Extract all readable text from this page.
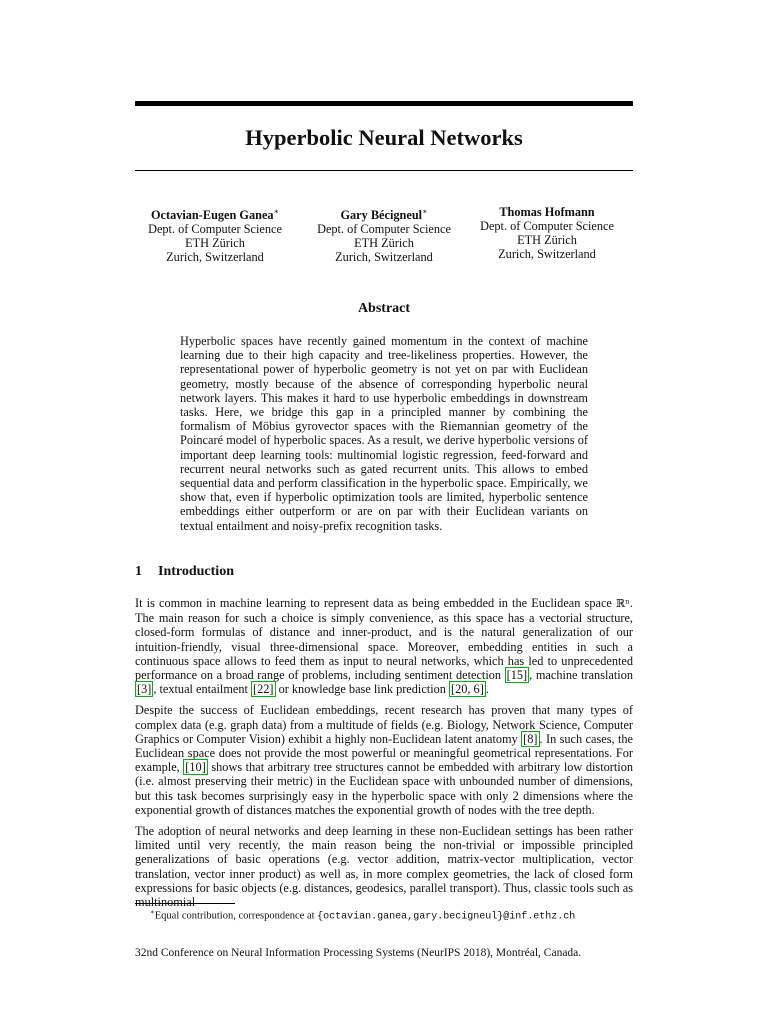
Hyperbolic Neural Networks
Octavian-Eugen Ganea∗
Dept. of Computer Science
ETH Zürich
Zurich, Switzerland
Gary Bécigneul∗
Dept. of Computer Science
ETH Zürich
Zurich, Switzerland
Thomas Hofmann
Dept. of Computer Science
ETH Zürich
Zurich, Switzerland
Abstract

Hyperbolic spaces have recently gained momentum in the context of machine learning due to their high capacity and tree-likeliness properties. However, the representational power of hyperbolic geometry is not yet on par with Euclidean geometry, mostly because of the absence of corresponding hyperbolic neural network layers. This makes it hard to use hyperbolic embeddings in downstream tasks. Here, we bridge this gap in a principled manner by combining the formalism of Möbius gyrovector spaces with the Riemannian geometry of the Poincaré model of hyperbolic spaces. As a result, we derive hyperbolic versions of important deep learning tools: multinomial logistic regression, feed-forward and recurrent neural networks such as gated recurrent units. This allows to embed sequential data and perform classification in the hyperbolic space. Empirically, we show that, even if hyperbolic optimization tools are limited, hyperbolic sentence embeddings either outperform or are on par with their Euclidean variants on textual entailment and noisy-prefix recognition tasks.

1 Introduction

It is common in machine learning to represent data as being embedded in the Euclidean space ℝⁿ. The main reason for such a choice is simply convenience, as this space has a vectorial structure, closed-form formulas of distance and inner-product, and is the natural generalization of our intuition-friendly, visual three-dimensional space. Moreover, embedding entities in such a continuous space allows to feed them as input to neural networks, which has led to unprecedented performance on a broad range of problems, including sentiment detection [15] , machine translation [3] , textual entailment [22] or knowledge base link prediction [20, 6] .

Despite the success of Euclidean embeddings, recent research has proven that many types of complex data (e.g. graph data) from a multitude of fields (e.g. Biology, Network Science, Computer Graphics or Computer Vision) exhibit a highly non-Euclidean latent anatomy [8] . In such cases, the Euclidean space does not provide the most powerful or meaningful geometrical representations. For example, [10] shows that arbitrary tree structures cannot be embedded with arbitrary low distortion (i.e. almost preserving their metric) in the Euclidean space with unbounded number of dimensions, but this task becomes surprisingly easy in the hyperbolic space with only 2 dimensions where the exponential growth of distances matches the exponential growth of nodes with the tree depth.

The adoption of neural networks and deep learning in these non-Euclidean settings has been rather limited until very recently, the main reason being the non-trivial or impossible principled generalizations of basic operations (e.g. vector addition, matrix-vector multiplication, vector translation, vector inner product) as well as, in more complex geometries, the lack of closed form expressions for basic objects (e.g. distances, geodesics, parallel transport). Thus, classic tools such as

∗Equal contribution, correspondence at {octavian.ganea,gary.becigneul}@inf.ethz.ch
32nd Conference on Neural Information Processing Systems (NeurIPS 2018), Montréal, Canada.
